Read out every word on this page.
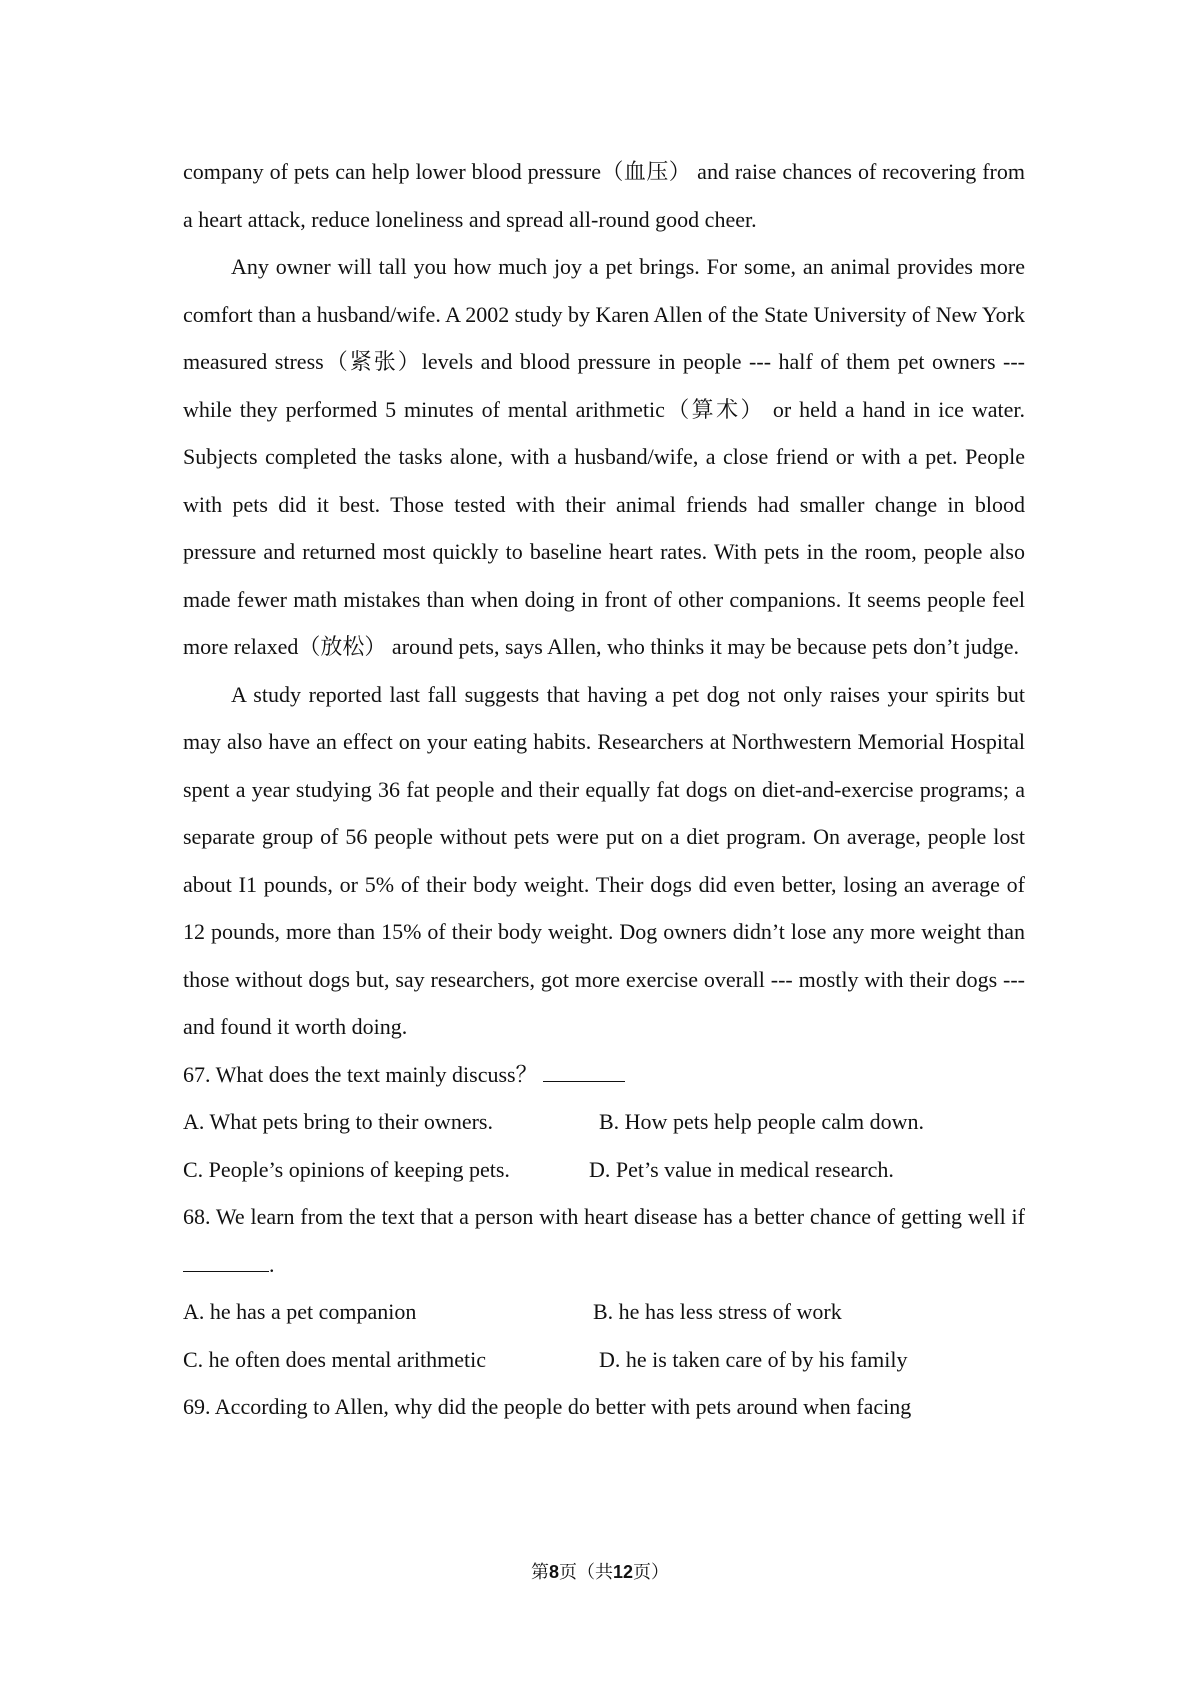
company of pets can help lower blood pressure（血压） and raise chances of recovering from a heart attack, reduce loneliness and spread all-round good cheer.

Any owner will tall you how much joy a pet brings. For some, an animal provides more comfort than a husband/wife. A 2002 study by Karen Allen of the State University of New York measured stress（紧张）levels and blood pressure in people --- half of them pet owners --- while they performed 5 minutes of mental arithmetic（算术） or held a hand in ice water. Subjects completed the tasks alone, with a husband/wife, a close friend or with a pet. People with pets did it best. Those tested with their animal friends had smaller change in blood pressure and returned most quickly to baseline heart rates. With pets in the room, people also made fewer math mistakes than when doing in front of other companions. It seems people feel more relaxed（放松） around pets, says Allen, who thinks it may be because pets don’t judge.

A study reported last fall suggests that having a pet dog not only raises your spirits but may also have an effect on your eating habits. Researchers at Northwestern Memorial Hospital spent a year studying 36 fat people and their equally fat dogs on diet-and-exercise programs; a separate group of 56 people without pets were put on a diet program. On average, people lost about I1 pounds, or 5% of their body weight. Their dogs did even better, losing an average of 12 pounds, more than 15% of their body weight. Dog owners didn’t lose any more weight than those without dogs but, say researchers, got more exercise overall --- mostly with their dogs --- and found it worth doing.

67. What does the text mainly discuss？

A. What pets bring to their owners.	B. How pets help people calm down.
C. People’s opinions of keeping pets.	D. Pet’s value in medical research.

68. We learn from the text that a person with heart disease has a better chance of getting well if.

A. he has a pet companion	B. he has less stress of work
C. he often does mental arithmetic	D. he is taken care of by his family

69. According to Allen, why did the people do better with pets around when facing

第8页（共12页）
